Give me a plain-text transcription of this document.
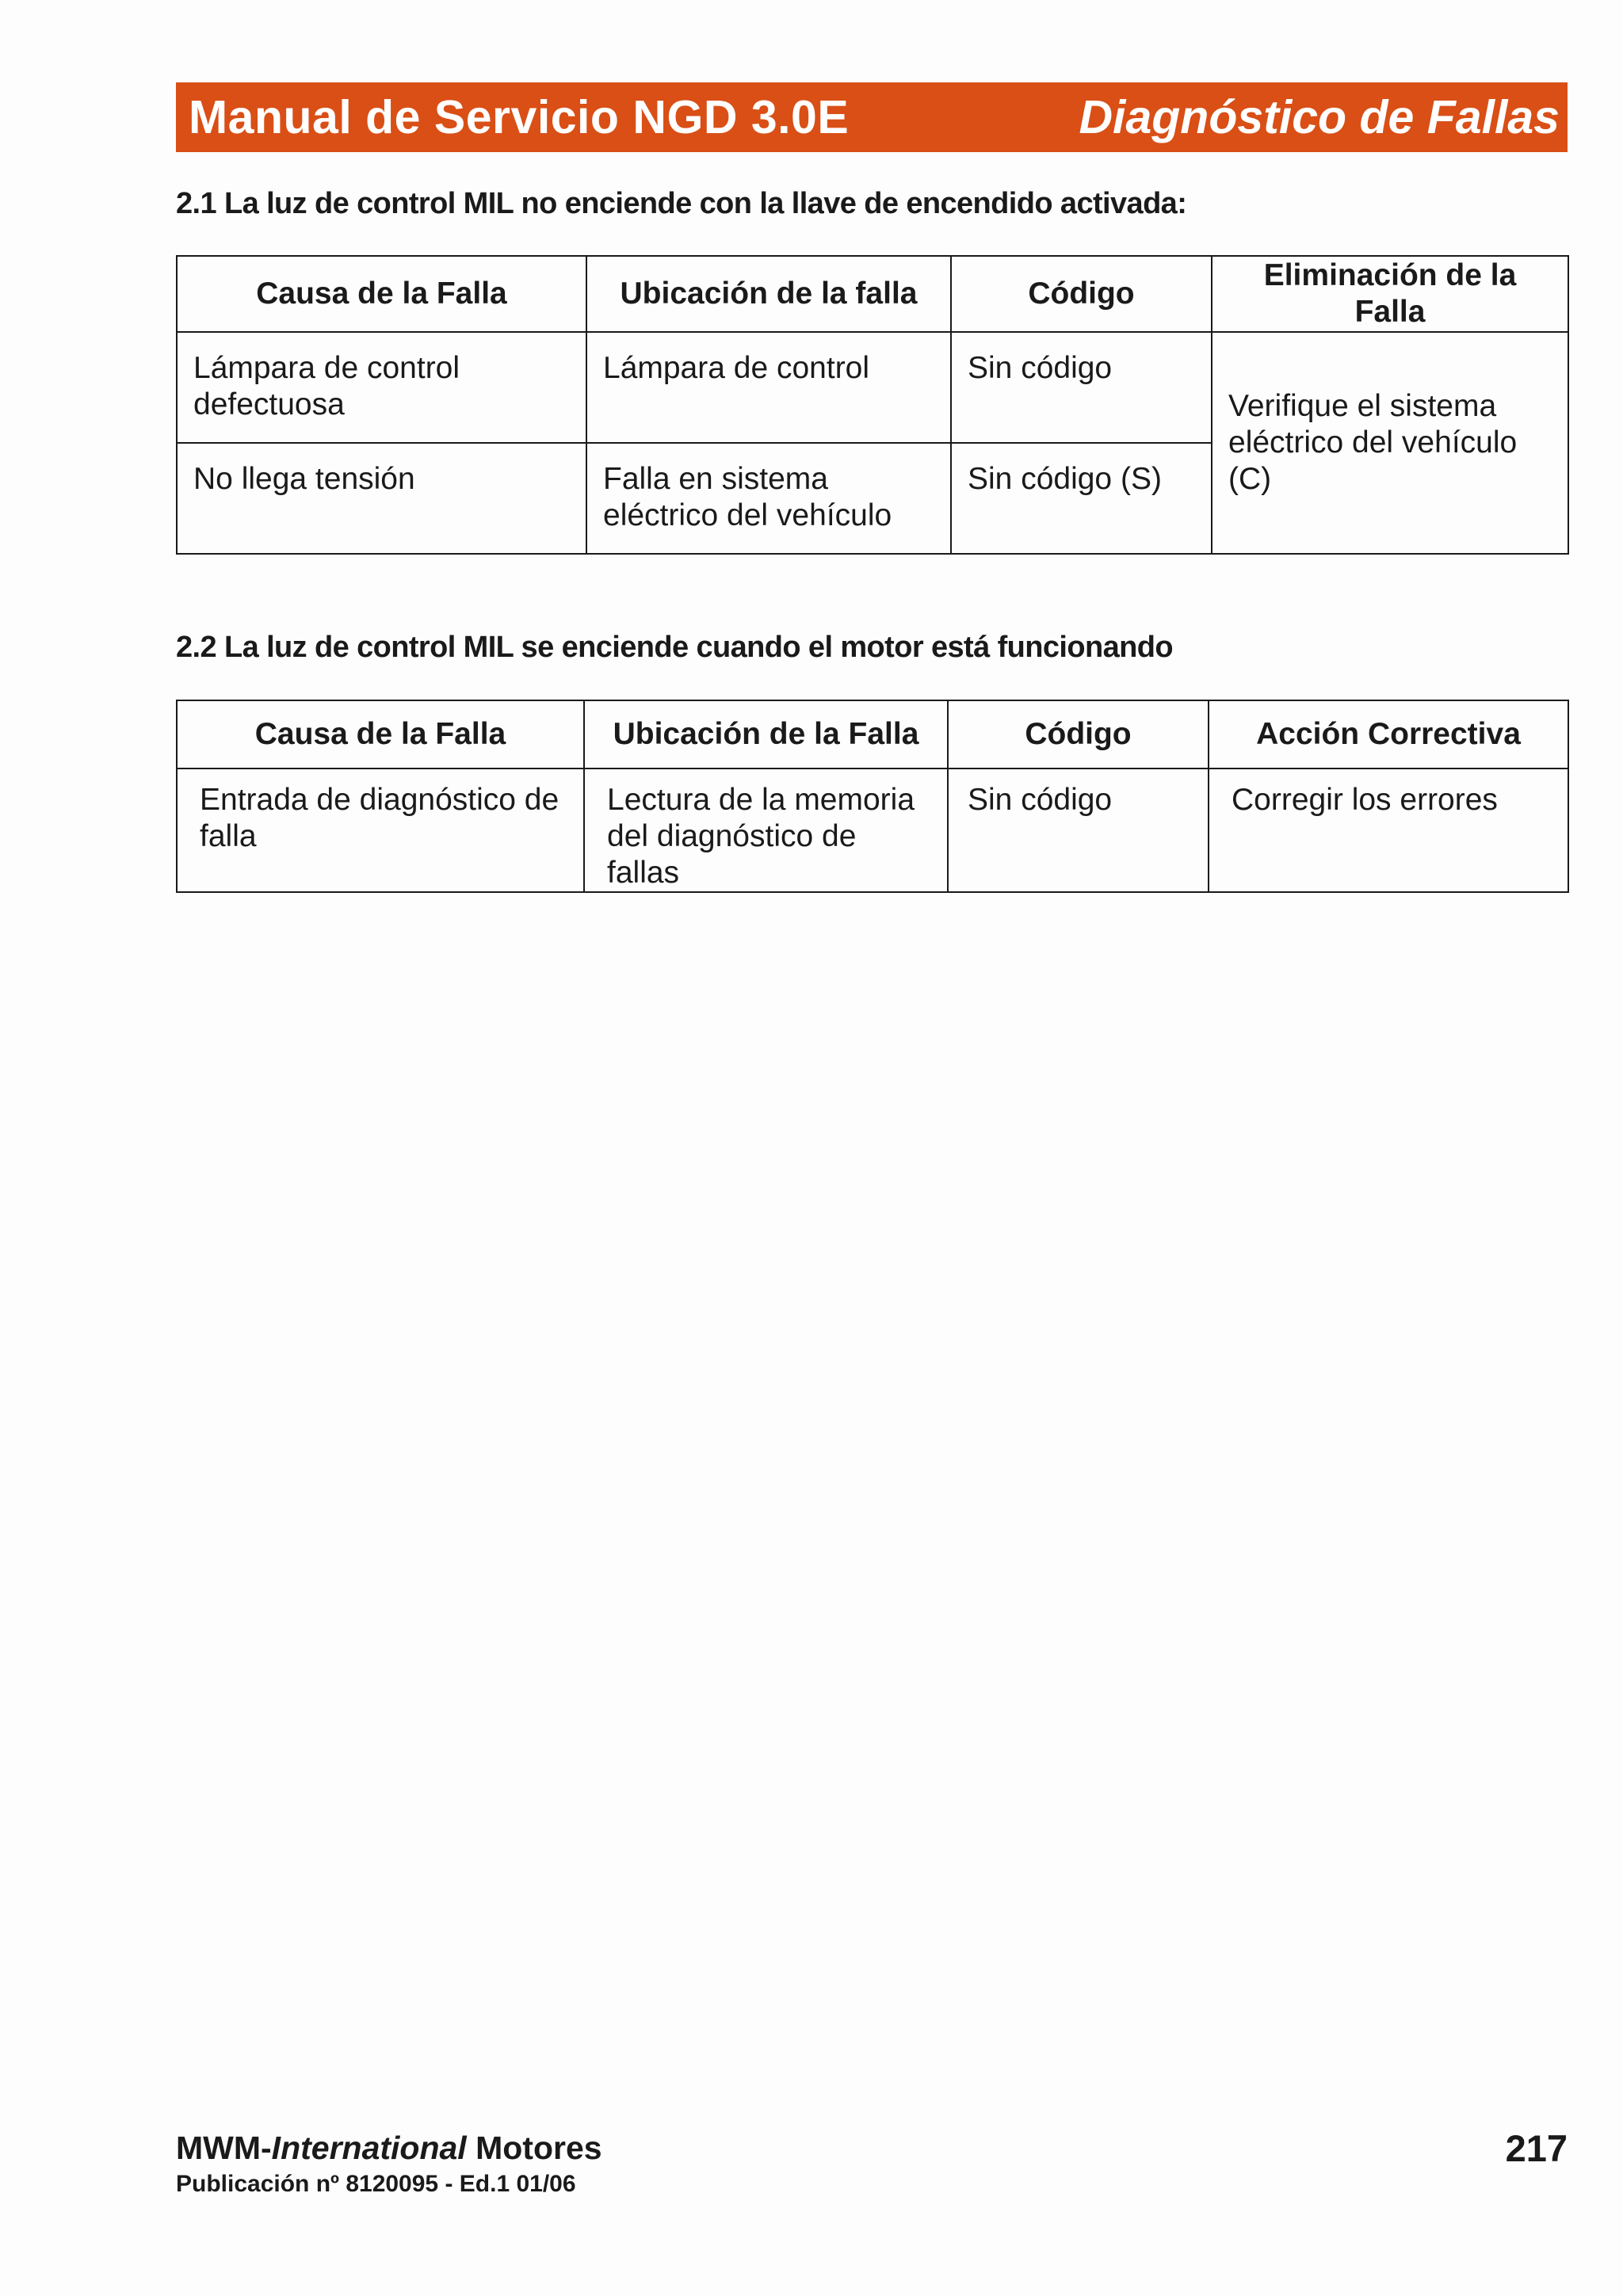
Manual de Servicio NGD 3.0E	Diagnóstico de Fallas
2.1 La luz de control MIL no enciende con la llave de encendido activada:
Causa de la Falla	Ubicación de la falla	Código	Eliminación de la Falla
Lámpara de control defectuosa	Lámpara de control	Sin código	Verifique el sistema eléctrico del vehículo (C)
No llega tensión	Falla en sistema eléctrico del vehículo	Sin código (S)	
2.2 La luz de control MIL se enciende cuando el motor está funcionando
Causa de la Falla	Ubicación de la Falla	Código	Acción Correctiva
Entrada de diagnóstico de falla	Lectura de la memoria del diagnóstico de fallas	Sin código	Corregir los errores
MWM-International Motores
Publicación nº 8120095 - Ed.1 01/06
217
